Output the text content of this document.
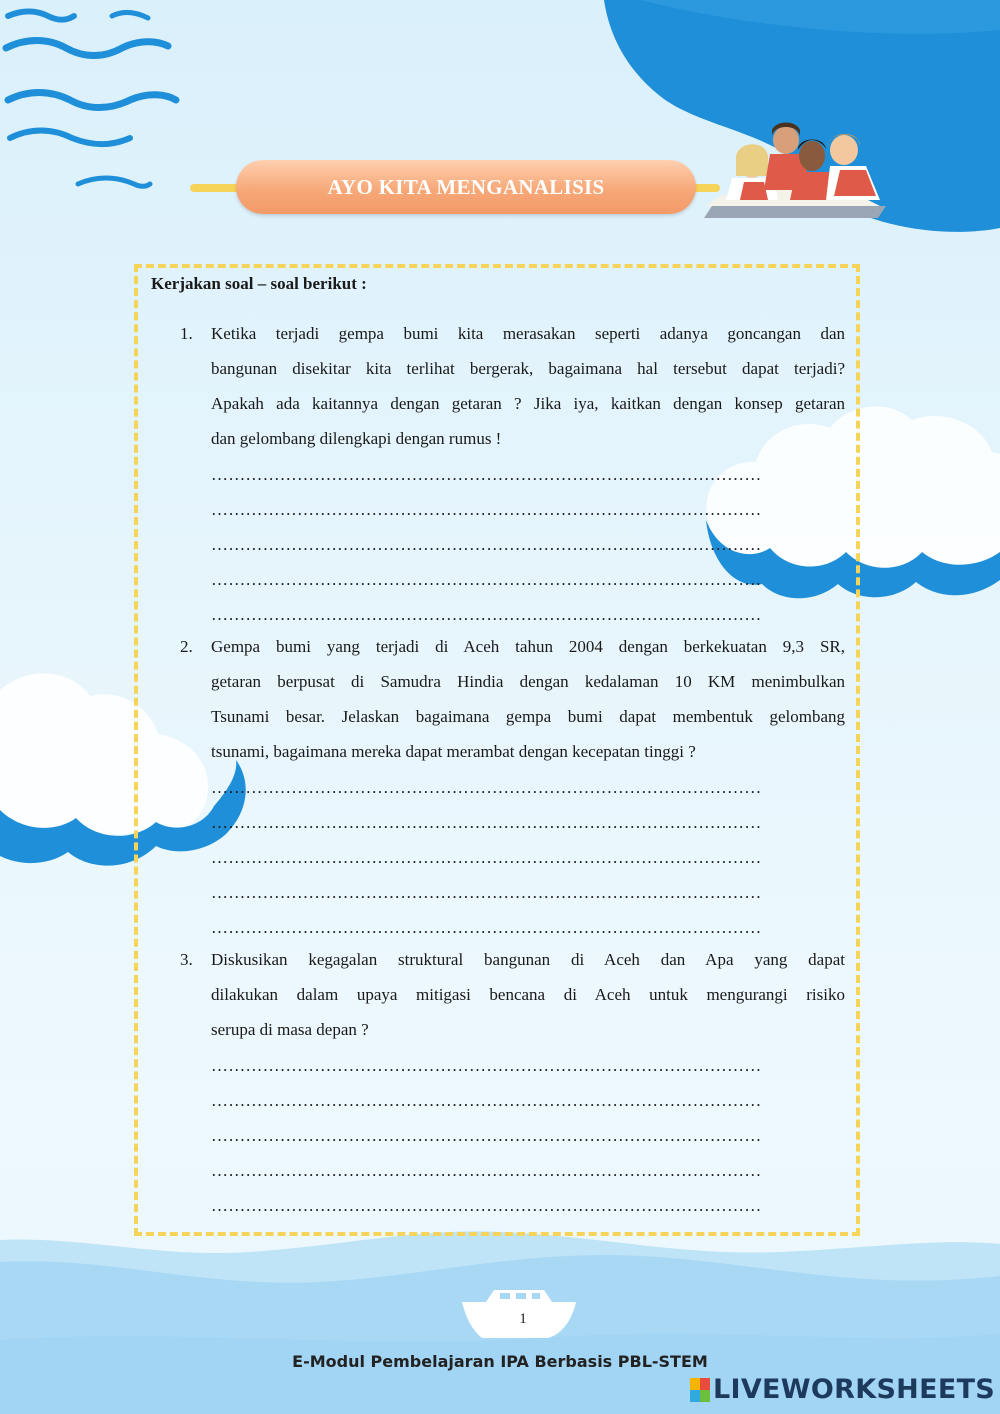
AYO KITA MENGANALISIS
Kerjakan soal – soal berikut :
1.	Ketika terjadi gempa bumi kita merasakan seperti adanya goncangan dan
bangunan disekitar kita terlihat bergerak, bagaimana hal tersebut dapat terjadi?
Apakah ada kaitannya dengan getaran ? Jika iya, kaitkan dengan konsep getaran
dan gelombang dilengkapi dengan rumus !
……………………………………………………………………………………
……………………………………………………………………………………
……………………………………………………………………………………
……………………………………………………………………………………
……………………………………………………………………………………
2.	Gempa bumi yang terjadi di Aceh tahun 2004 dengan berkekuatan 9,3 SR,
getaran berpusat di Samudra Hindia dengan kedalaman 10 KM menimbulkan
Tsunami besar. Jelaskan bagaimana gempa bumi dapat membentuk gelombang
tsunami, bagaimana mereka dapat merambat dengan kecepatan tinggi ?
……………………………………………………………………………………
……………………………………………………………………………………
……………………………………………………………………………………
……………………………………………………………………………………
……………………………………………………………………………………
3.	Diskusikan kegagalan struktural bangunan di Aceh dan Apa yang dapat
dilakukan dalam upaya mitigasi bencana di Aceh untuk mengurangi risiko
serupa di masa depan ?
……………………………………………………………………………………
……………………………………………………………………………………
……………………………………………………………………………………
……………………………………………………………………………………
……………………………………………………………………………………
1
E-Modul Pembelajaran IPA Berbasis PBL-STEM
LIVEWORKSHEETS
